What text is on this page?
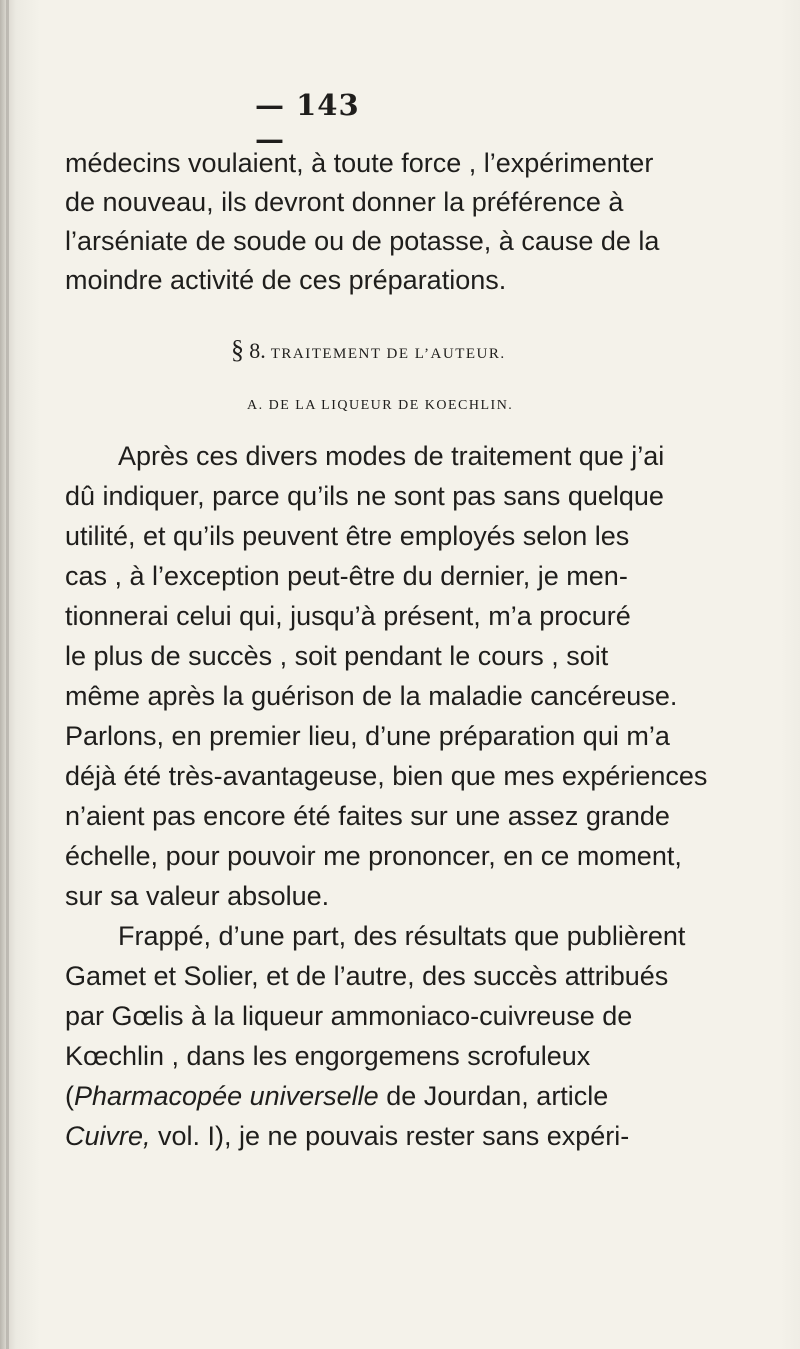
— 143 —
médecins voulaient, à toute force , l’expérimenter
de nouveau, ils devront donner la préférence à
l’arséniate de soude ou de potasse, à cause de la
moindre activité de ces préparations.
§ 8. TRAITEMENT DE L’AUTEUR.
A. DE LA LIQUEUR DE KOECHLIN.
Après ces divers modes de traitement que j’ai
dû indiquer, parce qu’ils ne sont pas sans quelque
utilité, et qu’ils peuvent être employés selon les
cas , à l’exception peut-être du dernier, je men-
tionnerai celui qui, jusqu’à présent, m’a procuré
le plus de succès , soit pendant le cours , soit
même après la guérison de la maladie cancéreuse.
Parlons, en premier lieu, d’une préparation qui m’a
déjà été très-avantageuse, bien que mes expériences
n’aient pas encore été faites sur une assez grande
échelle, pour pouvoir me prononcer, en ce moment,
sur sa valeur absolue.
Frappé, d’une part, des résultats que publièrent
Gamet et Solier, et de l’autre, des succès attribués
par Gœlis à la liqueur ammoniaco-cuivreuse de
Kœchlin , dans les engorgemens scrofuleux
(Pharmacopée universelle de Jourdan, article
Cuivre, vol. I), je ne pouvais rester sans expéri-
